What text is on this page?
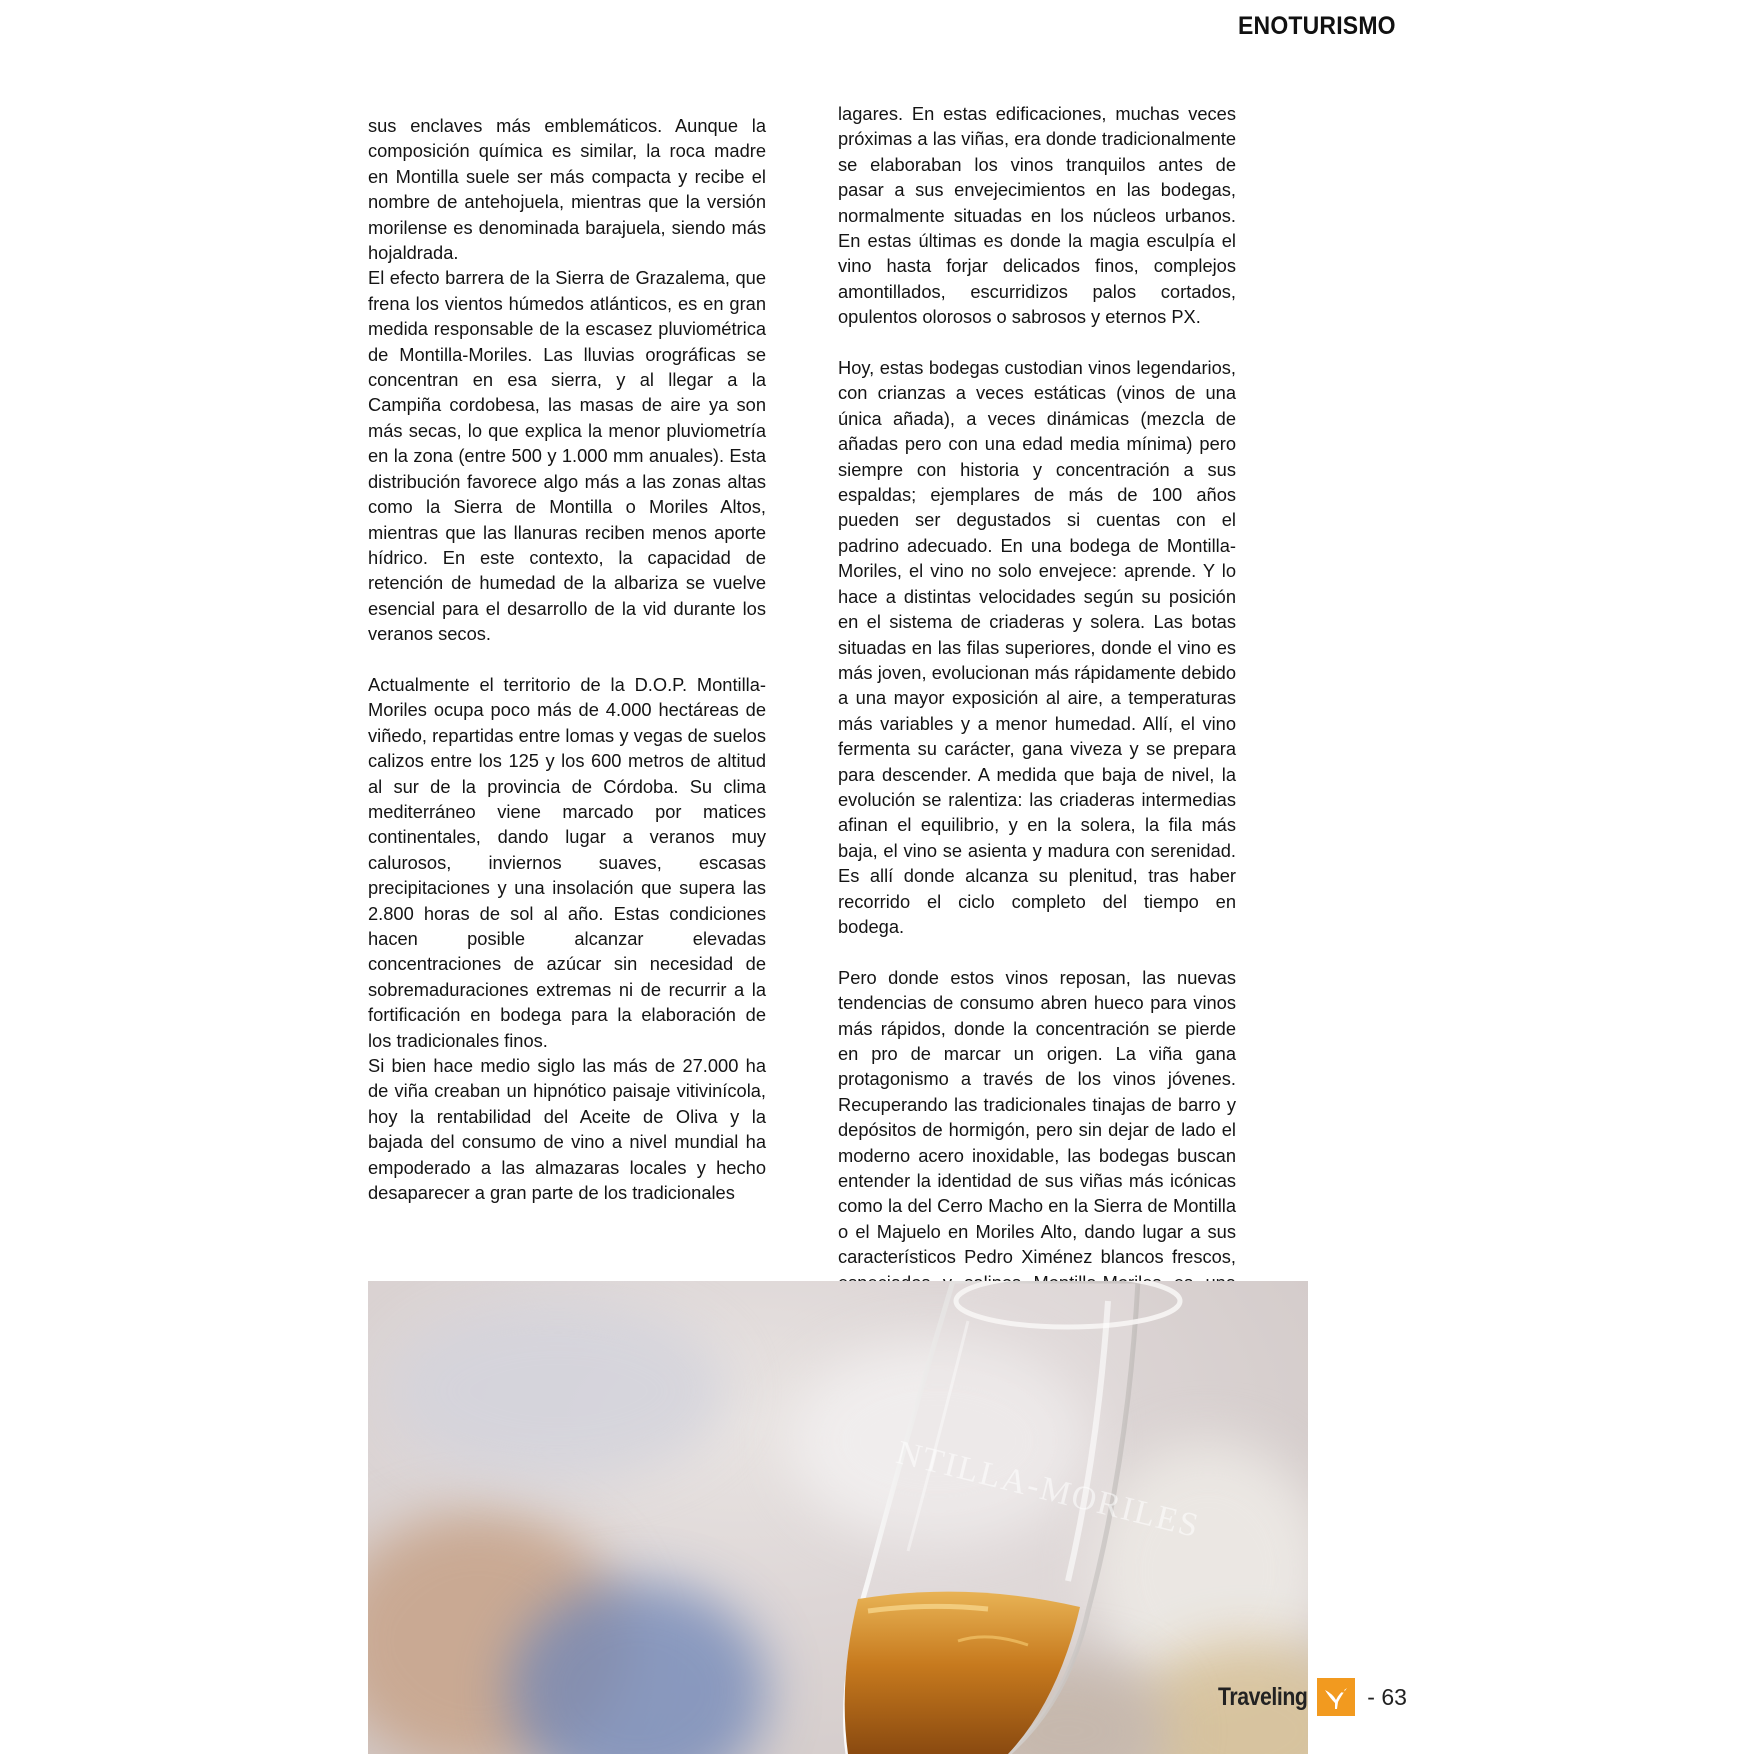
ENOTURISMO

sus enclaves más emblemáticos. Aunque la composición química es similar, la roca madre en Montilla suele ser más compacta y recibe el nombre de antehojuela, mientras que la versión morilense es denominada barajuela, siendo más hojaldrada.

El efecto barrera de la Sierra de Grazalema, que frena los vientos húmedos atlánticos, es en gran medida responsable de la escasez pluviométrica de Montilla-Moriles. Las lluvias orográficas se concentran en esa sierra, y al llegar a la Campiña cordobesa, las masas de aire ya son más secas, lo que explica la menor pluviometría en la zona (entre 500 y 1.000 mm anuales). Esta distribución favorece algo más a las zonas altas como la Sierra de Montilla o Moriles Altos, mientras que las llanuras reciben menos aporte hídrico. En este contexto, la capacidad de retención de humedad de la albariza se vuelve esencial para el desarrollo de la vid durante los veranos secos.

Actualmente el territorio de la D.O.P. Montilla-Moriles ocupa poco más de 4.000 hectáreas de viñedo, repartidas entre lomas y vegas de suelos calizos entre los 125 y los 600 metros de altitud al sur de la provincia de Córdoba. Su clima mediterráneo viene marcado por matices continentales, dando lugar a veranos muy calurosos, inviernos suaves, escasas precipitaciones y una insolación que supera las 2.800 horas de sol al año. Estas condiciones hacen posible alcanzar elevadas concentraciones de azúcar sin necesidad de sobremaduraciones extremas ni de recurrir a la fortificación en bodega para la elaboración de los tradicionales finos.

Si bien hace medio siglo las más de 27.000 ha de viña creaban un hipnótico paisaje vitivinícola, hoy la rentabilidad del Aceite de Oliva y la bajada del consumo de vino a nivel mundial ha empoderado a las almazaras locales y hecho desaparecer a gran parte de los tradicionales

lagares. En estas edificaciones, muchas veces próximas a las viñas, era donde tradicionalmente se elaboraban los vinos tranquilos antes de pasar a sus envejecimientos en las bodegas, normalmente situadas en los núcleos urbanos. En estas últimas es donde la magia esculpía el vino hasta forjar delicados finos, complejos amontillados, escurridizos palos cortados, opulentos olorosos o sabrosos y eternos PX.

Hoy, estas bodegas custodian vinos legendarios, con crianzas a veces estáticas (vinos de una única añada), a veces dinámicas (mezcla de añadas pero con una edad media mínima) pero siempre con historia y concentración a sus espaldas; ejemplares de más de 100 años pueden ser degustados si cuentas con el padrino adecuado. En una bodega de Montilla-Moriles, el vino no solo envejece: aprende. Y lo hace a distintas velocidades según su posición en el sistema de criaderas y solera. Las botas situadas en las filas superiores, donde el vino es más joven, evolucionan más rápidamente debido a una mayor exposición al aire, a temperaturas más variables y a menor humedad. Allí, el vino fermenta su carácter, gana viveza y se prepara para descender. A medida que baja de nivel, la evolución se ralentiza: las criaderas intermedias afinan el equilibrio, y en la solera, la fila más baja, el vino se asienta y madura con serenidad. Es allí donde alcanza su plenitud, tras haber recorrido el ciclo completo del tiempo en bodega.

Pero donde estos vinos reposan, las nuevas tendencias de consumo abren hueco para vinos más rápidos, donde la concentración se pierde en pro de marcar un origen. La viña gana protagonismo a través de los vinos jóvenes. Recuperando las tradicionales tinajas de barro y depósitos de hormigón, pero sin dejar de lado el moderno acero inoxidable, las bodegas buscan entender la identidad de sus viñas más icónicas como la del Cerro Macho en la Sierra de Montilla o el Majuelo en Moriles Alto, dando lugar a sus característicos Pedro Ximénez blancos frescos,

NTILLA-MORILES
Traveling	- 63
